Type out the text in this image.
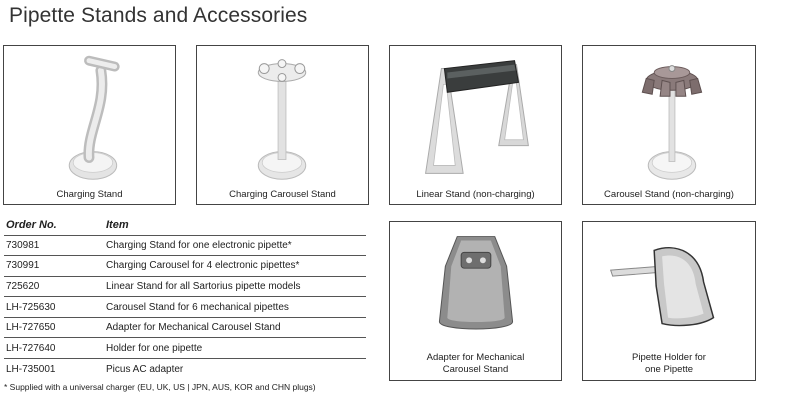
Pipette Stands and Accessories
Charging Stand	Charging Carousel Stand	Linear Stand (non-charging)	Carousel Stand (non-charging)
Adapter for Mechanical
Carousel Stand
Pipette Holder for
one Pipette
Order No.	Item
730981	Charging Stand for one electronic pipette*
730991	Charging Carousel for 4 electronic pipettes*
725620	Linear Stand for all Sartorius pipette models
LH-725630	Carousel Stand for 6 mechanical pipettes
LH-727650	Adapter for Mechanical Carousel Stand
LH-727640	Holder for one pipette
LH-735001	Picus AC adapter
* Supplied with a universal charger (EU, UK, US | JPN, AUS, KOR and CHN plugs)
